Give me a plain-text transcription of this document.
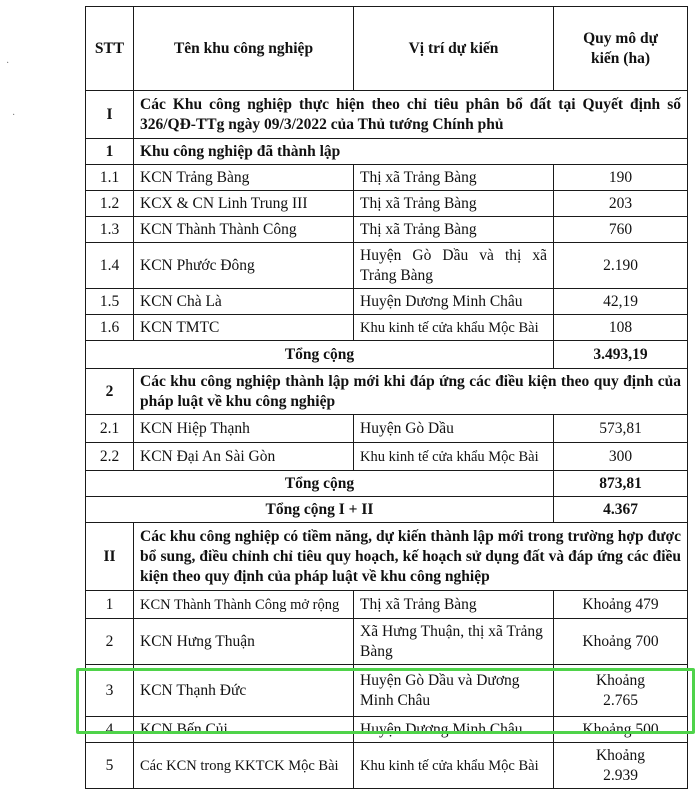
·
·
STT	Tên khu công nghiệp	Vị trí dự kiến	Quy mô dự kiến (ha)
I	Các Khu công nghiệp thực hiện theo chỉ tiêu phân bổ đất tại Quyết định số 326/QĐ-TTg ngày 09/3/2022 của Thủ tướng Chính phủ		
1	Khu công nghiệp đã thành lập		
1.1	KCN Trảng Bàng	Thị xã Trảng Bàng	190
1.2	KCX & CN Linh Trung III	Thị xã Trảng Bàng	203
1.3	KCN Thành Thành Công	Thị xã Trảng Bàng	760
1.4	KCN Phước Đông	Huyện Gò Dầu và thị xã Trảng Bàng	2.190
1.5	KCN Chà Là	Huyện Dương Minh Châu	42,19
1.6	KCN TMTC	Khu kinh tế cửa khẩu Mộc Bài	108
Tổng cộng			3.493,19
2	Các khu công nghiệp thành lập mới khi đáp ứng các điều kiện theo quy định của pháp luật về khu công nghiệp		
2.1	KCN Hiệp Thạnh	Huyện Gò Dầu	573,81
2.2	KCN Đại An Sài Gòn	Khu kinh tế cửa khẩu Mộc Bài	300
Tổng cộng			873,81
Tổng cộng I + II			4.367
II	Các khu công nghiệp có tiềm năng, dự kiến thành lập mới trong trường hợp được bổ sung, điều chỉnh chỉ tiêu quy hoạch, kế hoạch sử dụng đất và đáp ứng các điều kiện theo quy định của pháp luật về khu công nghiệp		
1	KCN Thành Thành Công mở rộng	Thị xã Trảng Bàng	Khoảng 479
2	KCN Hưng Thuận	Xã Hưng Thuận, thị xã Trảng Bàng	Khoảng 700
3	KCN Thạnh Đức	Huyện Gò Dầu và Dương Minh Châu	Khoảng 2.765
4	KCN Bến Củi	Huyện Dương Minh Châu	Khoảng 500
5	Các KCN trong KKTCK Mộc Bài	Khu kinh tế cửa khẩu Mộc Bài	Khoảng 2.939
